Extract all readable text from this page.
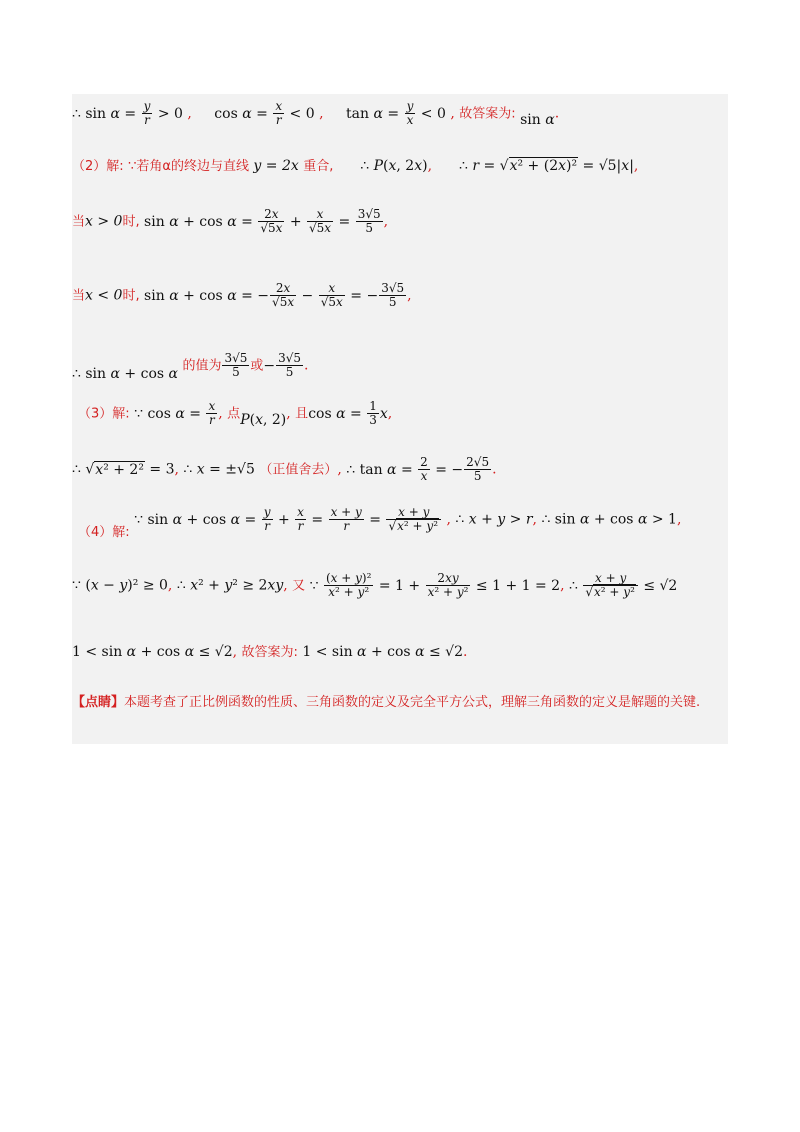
∴ $\sin \alpha = \frac{y}{r} > 0$ , $\cos \alpha = \frac{x}{r} < 0$ , $\tan \alpha = \frac{y}{x} < 0$ , 故答案为: sin α.
（2）解: ∵若角α的终边与直线 y = 2x 重合, ∴ P(x, 2x), ∴ r = √x² + (2x)² = √5|x|,
当x > 0时, $\sin \alpha + \cos \alpha = \frac{2x}{√5x} + \frac{x}{√5x} = \frac{3√5}{5}$ ,
当x < 0时, sin α + cos α = − $\frac{2x}{√5x} - \frac{x}{√5x}$ = − $\frac{3√5}{5}$ ,
∴ sin α + cos α 的值为 $\frac{3√5}{5}$ 或− $\frac{3√5}{5}$ .
（3）解: ∵ $\cos \alpha = \frac{x}{r}$ , 点P(x, 2), 且$\cos \alpha = \frac{1}{3} x$,
∴ √x² + 2² = 3, ∴ x = ±√5 （正值舍去）, ∴ $\tan \alpha = \frac{2}{x}$ = − $\frac{2√5}{5}$ .
（4）解: ∵ $\sin \alpha + \cos \alpha = \frac{y}{r} + \frac{x}{r} = \frac{x + y}{r} = \frac{x + y}{\text{√x² + y²}}$ , ∴ x + y > r, ∴ sin α + cos α > 1,
∵ (x − y)² ≥ 0, ∴ x² + y² ≥ 2xy, 又 ∵ $\frac{\text{(x + y)²}}{\text{x² + y²}} = 1 + \frac{2xy}{\text{x² + y²}} \le 1 + 1 = 2$, ∴ $\frac{x + y}{\text{√x² + y²}} \le √2$
1 < sin α + cos α ≤ √2, 故答案为: 1 < sin α + cos α ≤ √2.
【点睛】本题考查了正比例函数的性质、三角函数的定义及完全平方公式，理解三角函数的定义是解题的关键.
